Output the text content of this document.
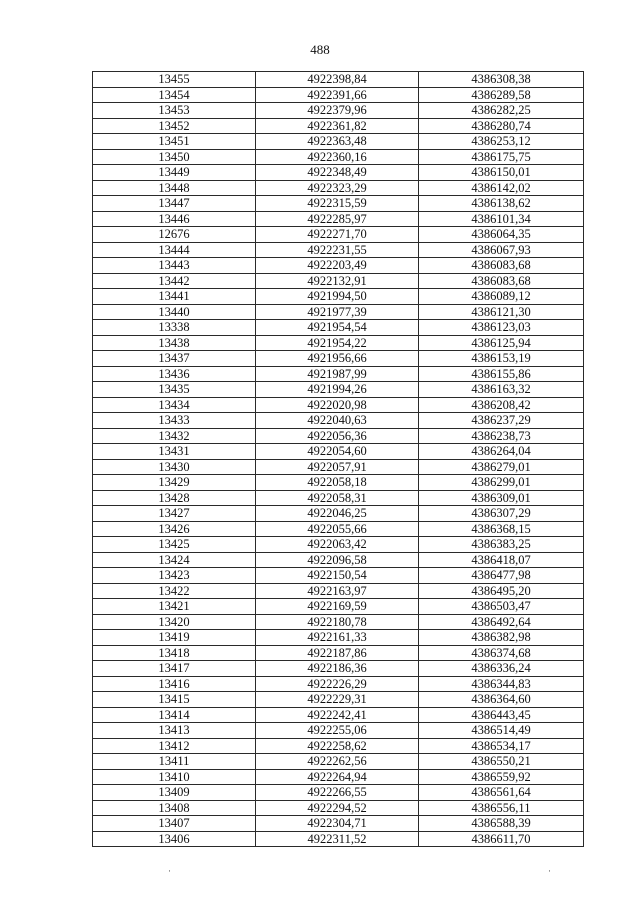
488
13455	4922398,84	4386308,38
13454	4922391,66	4386289,58
13453	4922379,96	4386282,25
13452	4922361,82	4386280,74
13451	4922363,48	4386253,12
13450	4922360,16	4386175,75
13449	4922348,49	4386150,01
13448	4922323,29	4386142,02
13447	4922315,59	4386138,62
13446	4922285,97	4386101,34
12676	4922271,70	4386064,35
13444	4922231,55	4386067,93
13443	4922203,49	4386083,68
13442	4922132,91	4386083,68
13441	4921994,50	4386089,12
13440	4921977,39	4386121,30
13338	4921954,54	4386123,03
13438	4921954,22	4386125,94
13437	4921956,66	4386153,19
13436	4921987,99	4386155,86
13435	4921994,26	4386163,32
13434	4922020,98	4386208,42
13433	4922040,63	4386237,29
13432	4922056,36	4386238,73
13431	4922054,60	4386264,04
13430	4922057,91	4386279,01
13429	4922058,18	4386299,01
13428	4922058,31	4386309,01
13427	4922046,25	4386307,29
13426	4922055,66	4386368,15
13425	4922063,42	4386383,25
13424	4922096,58	4386418,07
13423	4922150,54	4386477,98
13422	4922163,97	4386495,20
13421	4922169,59	4386503,47
13420	4922180,78	4386492,64
13419	4922161,33	4386382,98
13418	4922187,86	4386374,68
13417	4922186,36	4386336,24
13416	4922226,29	4386344,83
13415	4922229,31	4386364,60
13414	4922242,41	4386443,45
13413	4922255,06	4386514,49
13412	4922258,62	4386534,17
13411	4922262,56	4386550,21
13410	4922264,94	4386559,92
13409	4922266,55	4386561,64
13408	4922294,52	4386556,11
13407	4922304,71	4386588,39
13406	4922311,52	4386611,70
·	·
